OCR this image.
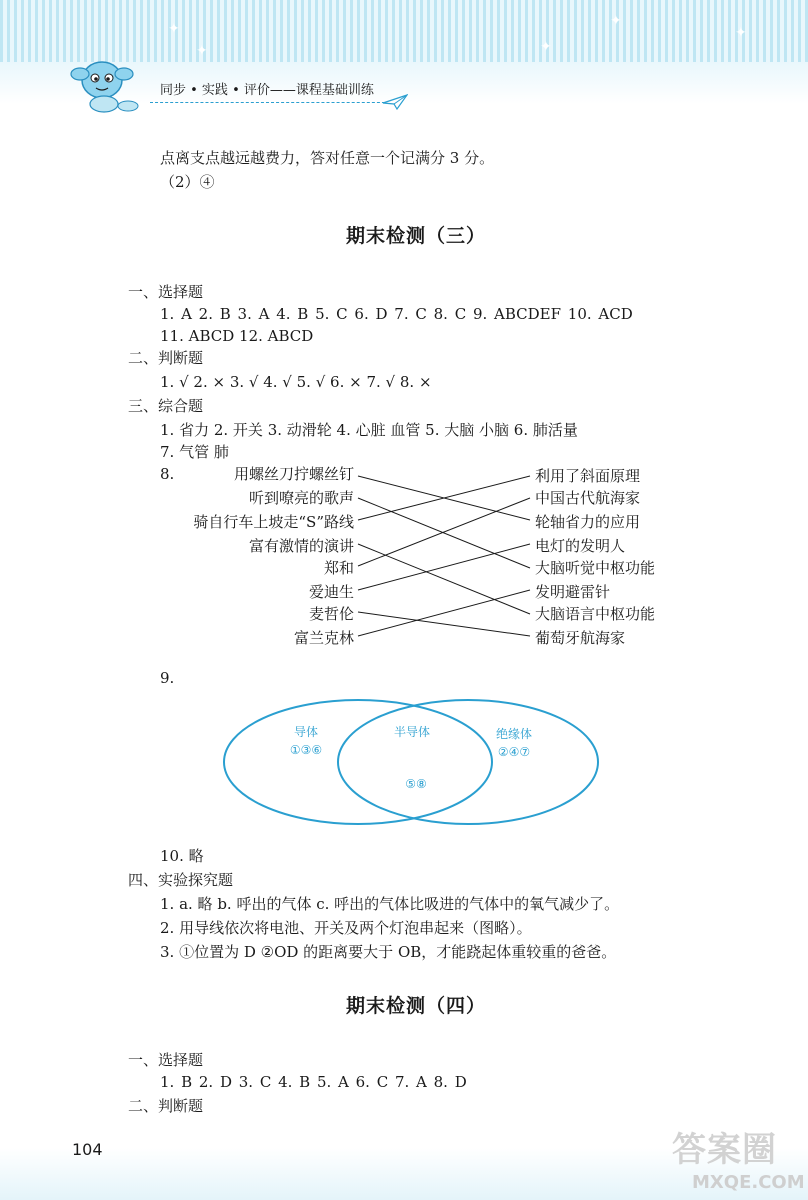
✦
✦	✦
✦
✦
同步 • 实践 • 评价——课程基础训练
点离支点越远越费力，答对任意一个记满分 3 分。
（2）④
期末检测（三）
一、选择题
1. A 2. B 3. A 4. B 5. C 6. D 7. C 8. C 9. ABCDEF 10. ACD
11. ABCD 12. ABCD
二、判断题
1. √ 2. × 3. √ 4. √ 5. √ 6. × 7. √ 8. ×
三、综合题
1. 省力 2. 开关 3. 动滑轮 4. 心脏 血管 5. 大脑 小脑 6. 肺活量
7. 气管 肺
8.	用螺丝刀拧螺丝钉
听到嘹亮的歌声
骑自行车上坡走“S”路线
富有激情的演讲
郑和
爱迪生
麦哲伦
富兰克林
利用了斜面原理
中国古代航海家
轮轴省力的应用
电灯的发明人
大脑听觉中枢功能
发明避雷针
大脑语言中枢功能
葡萄牙航海家
9.
导体
①③⑥
半导体
⑤⑧
绝缘体
②④⑦
10. 略
四、实验探究题
1. a. 略 b. 呼出的气体 c. 呼出的气体比吸进的气体中的氧气减少了。
2. 用导线依次将电池、开关及两个灯泡串起来（图略）。
3. ①位置为 D ②OD 的距离要大于 OB，才能跷起体重较重的爸爸。
期末检测（四）
一、选择题
1. B 2. D 3. C 4. B 5. A 6. C 7. A 8. D
二、判断题
104	答案圈
MXQE.COM
